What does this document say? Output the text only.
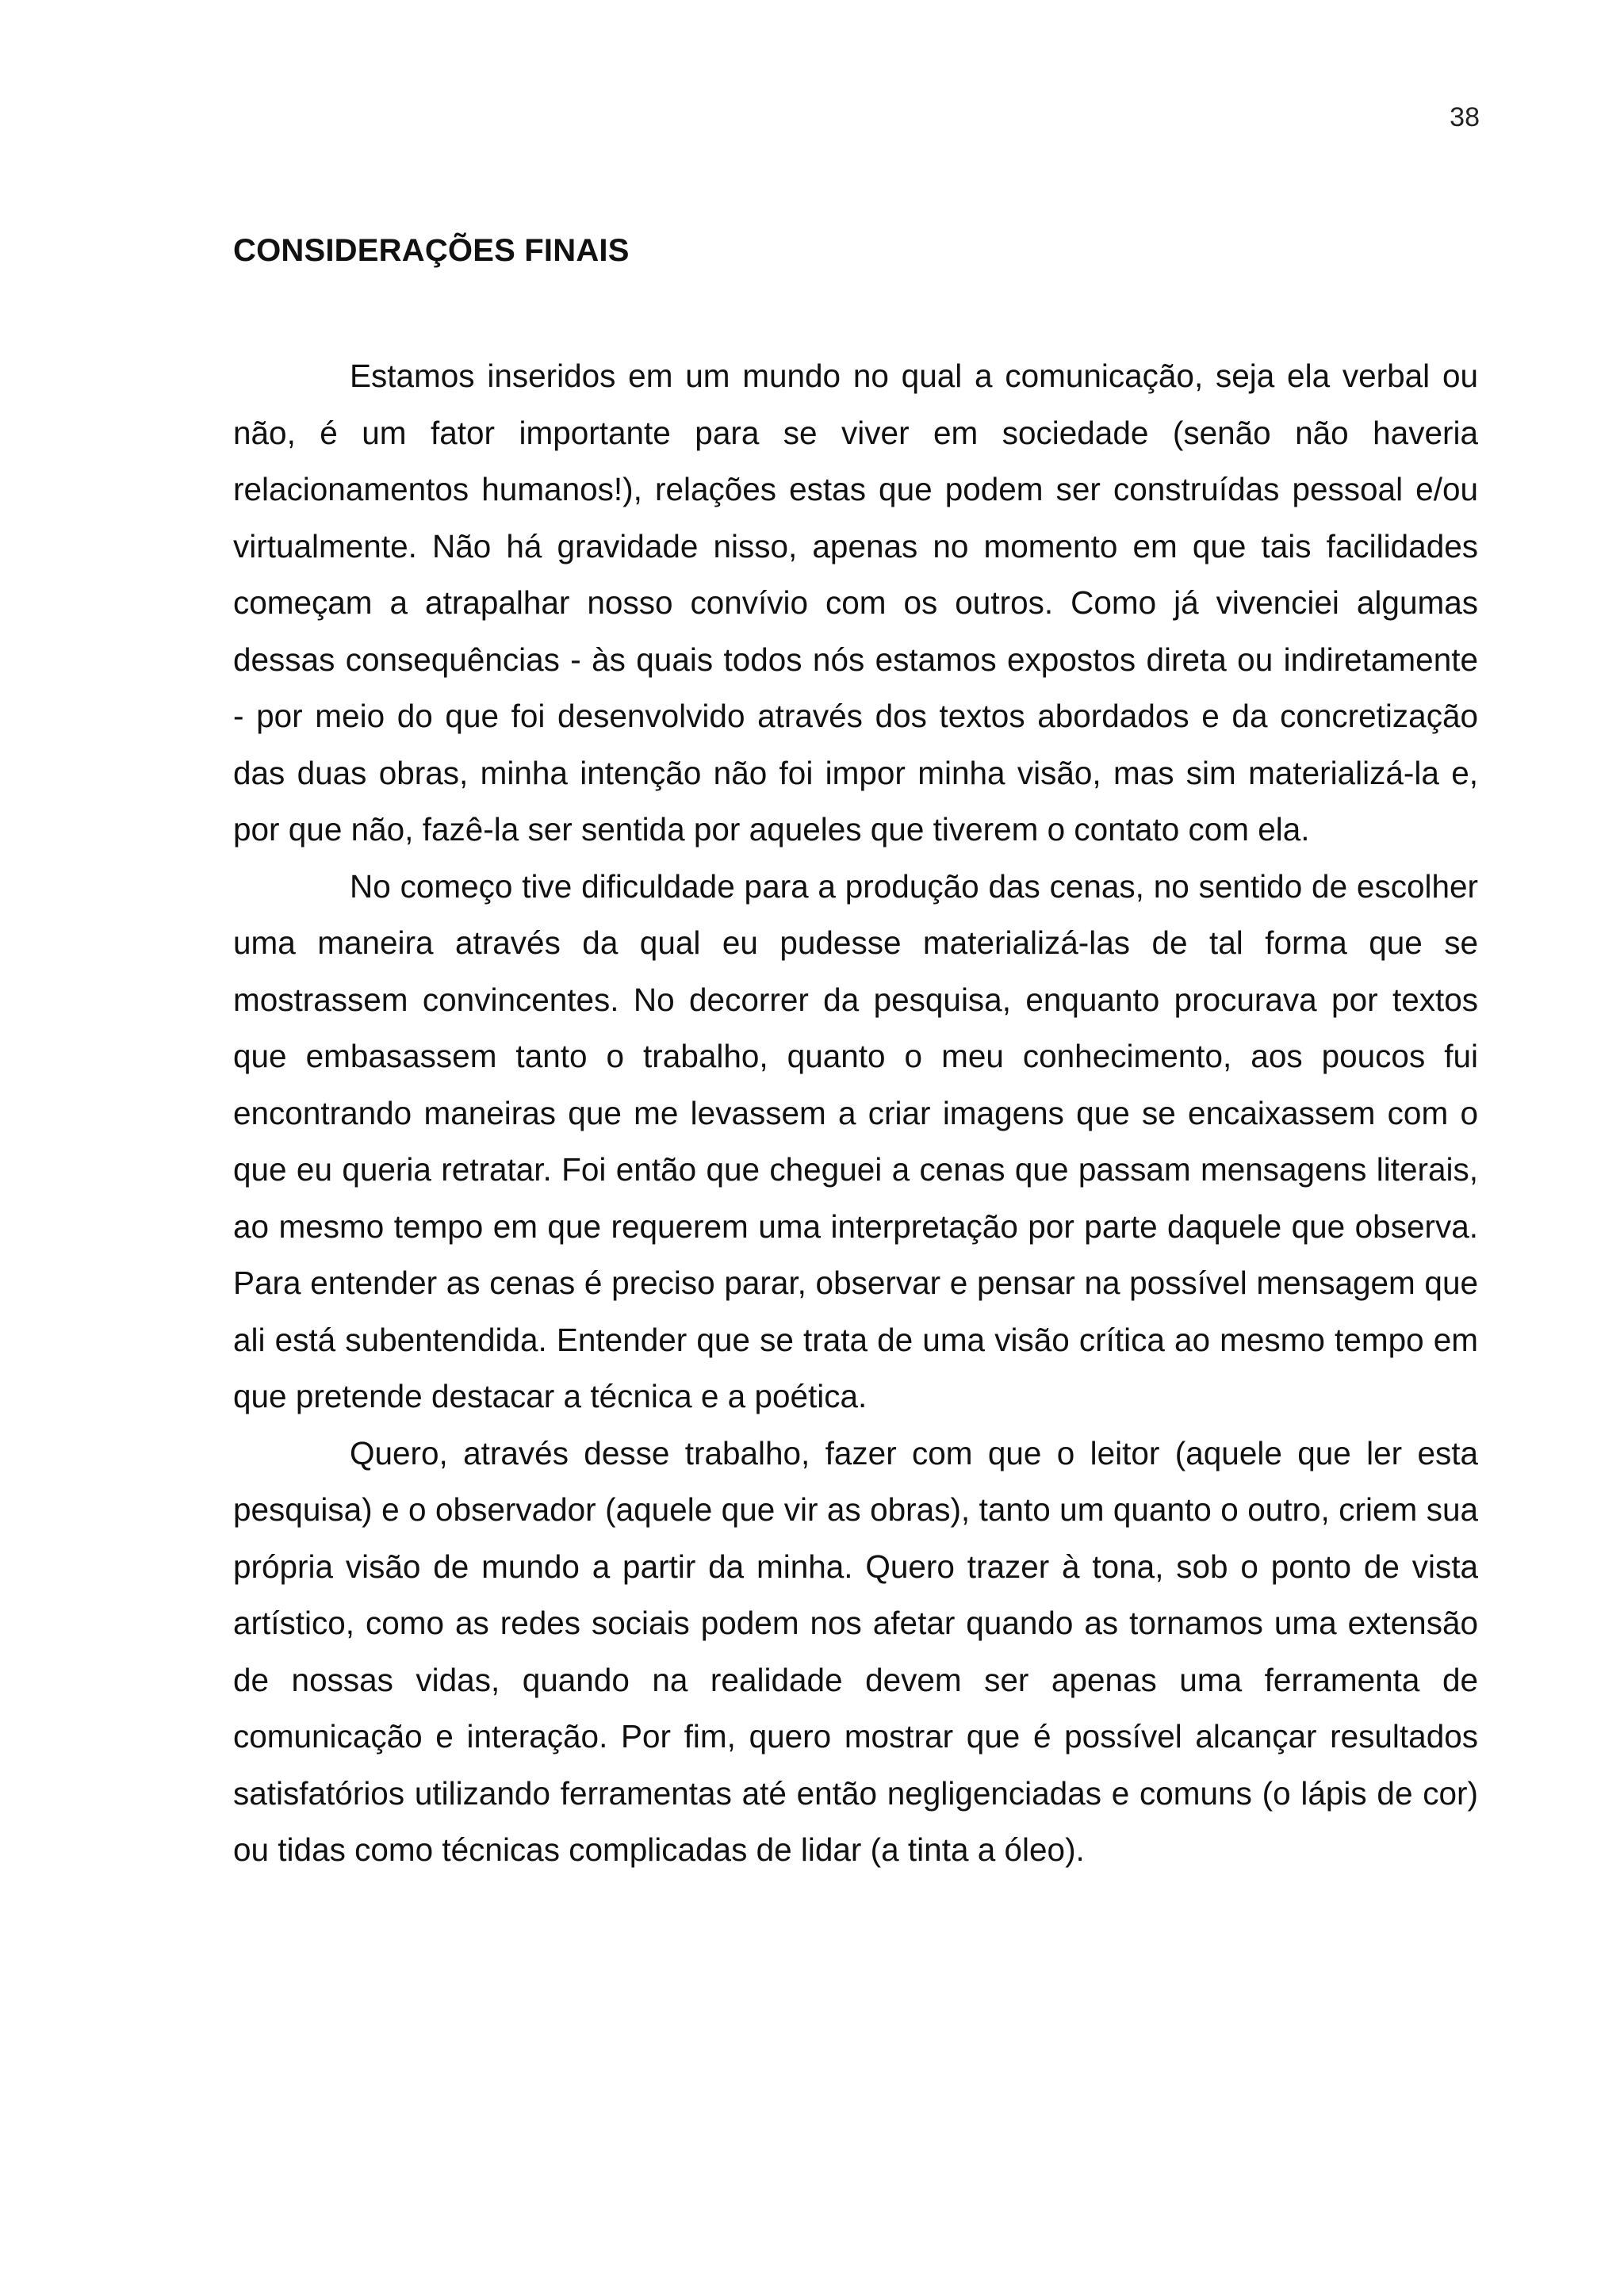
38
CONSIDERAÇÕES FINAIS

Estamos inseridos em um mundo no qual a comunicação, seja ela verbal ou não, é um fator importante para se viver em sociedade (senão não haveria relacionamentos humanos!), relações estas que podem ser construídas pessoal e/ou virtualmente. Não há gravidade nisso, apenas no momento em que tais facilidades começam a atrapalhar nosso convívio com os outros. Como já vivenciei algumas dessas consequências - às quais todos nós estamos expostos direta ou indiretamente - por meio do que foi desenvolvido através dos textos abordados e da concretização das duas obras, minha intenção não foi impor minha visão, mas sim materializá-la e, por que não, fazê-la ser sentida por aqueles que tiverem o contato com ela.

No começo tive dificuldade para a produção das cenas, no sentido de escolher uma maneira através da qual eu pudesse materializá-las de tal forma que se mostrassem convincentes. No decorrer da pesquisa, enquanto procurava por textos que embasassem tanto o trabalho, quanto o meu conhecimento, aos poucos fui encontrando maneiras que me levassem a criar imagens que se encaixassem com o que eu queria retratar. Foi então que cheguei a cenas que passam mensagens literais, ao mesmo tempo em que requerem uma interpretação por parte daquele que observa. Para entender as cenas é preciso parar, observar e pensar na possível mensagem que ali está subentendida. Entender que se trata de uma visão crítica ao mesmo tempo em que pretende destacar a técnica e a poética.

Quero, através desse trabalho, fazer com que o leitor (aquele que ler esta pesquisa) e o observador (aquele que vir as obras), tanto um quanto o outro, criem sua própria visão de mundo a partir da minha. Quero trazer à tona, sob o ponto de vista artístico, como as redes sociais podem nos afetar quando as tornamos uma extensão de nossas vidas, quando na realidade devem ser apenas uma ferramenta de comunicação e interação. Por fim, quero mostrar que é possível alcançar resultados satisfatórios utilizando ferramentas até então negligenciadas e comuns (o lápis de cor) ou tidas como técnicas complicadas de lidar (a tinta a óleo).
